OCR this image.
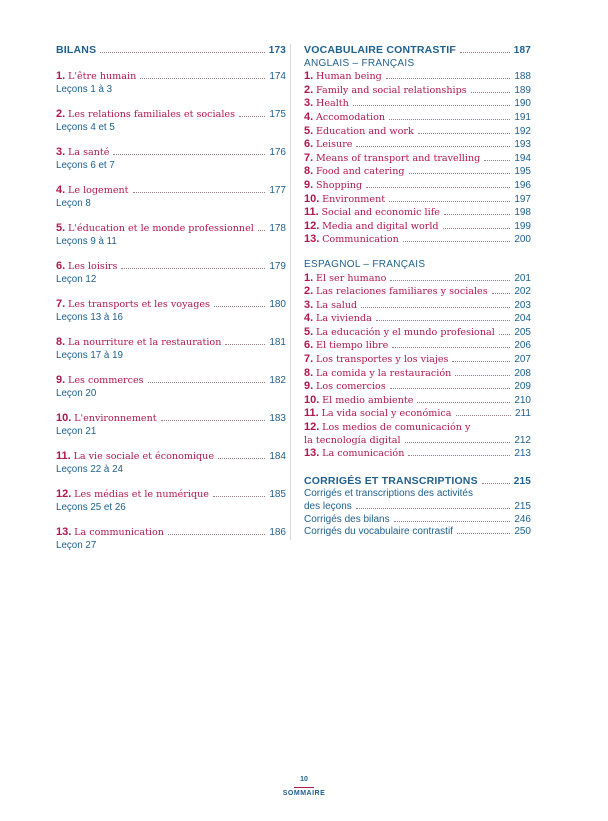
BILANS	173
1. L'être humain	174
Leçons 1 à 3
2. Les relations familiales et sociales	175
Leçons 4 et 5
3. La santé	176
Leçons 6 et 7
4. Le logement	177
Leçon 8
5. L'éducation et le monde professionnel 178
Leçons 9 à 11
6. Les loisirs	179
Leçon 12
7. Les transports et les voyages	180
Leçons 13 à 16
8. La nourriture et la restauration	181
Leçons 17 à 19
9. Les commerces	182
Leçon 20
10. L'environnement	183
Leçon 21
11. La vie sociale et économique	184
Leçons 22 à 24
12. Les médias et le numérique	185
Leçons 25 et 26
13. La communication	186
Leçon 27
VOCABULAIRE CONTRASTIF	187
ANGLAIS – FRANÇAIS
1. Human being	188
2. Family and social relationships	189
3. Health	190
4. Accomodation	191
5. Education and work	192
6. Leisure	193
7. Means of transport and travelling	194
8. Food and catering	195
9. Shopping	196
10. Environment	197
11. Social and economic life	198
12. Media and digital world	199
13. Communication	200
ESPAGNOL – FRANÇAIS
1. El ser humano	201
2. Las relaciones familiares y sociales	202
3. La salud	203
4. La vivienda	204
5. La educación y el mundo profesional 205
6. El tiempo libre	206
7. Los transportes y los viajes	207
8. La comida y la restauración	208
9. Los comercios	209
10. El medio ambiente	210
11. La vida social y económica	211
12. Los medios de comunicación y
la tecnología digital	212
13. La comunicación	213
CORRIGÉS ET TRANSCRIPTIONS	215
Corrigés et transcriptions des activités
des leçons	215
Corrigés des bilans	246
Corrigés du vocabulaire contrastif	250
10
SOMMAIRE
